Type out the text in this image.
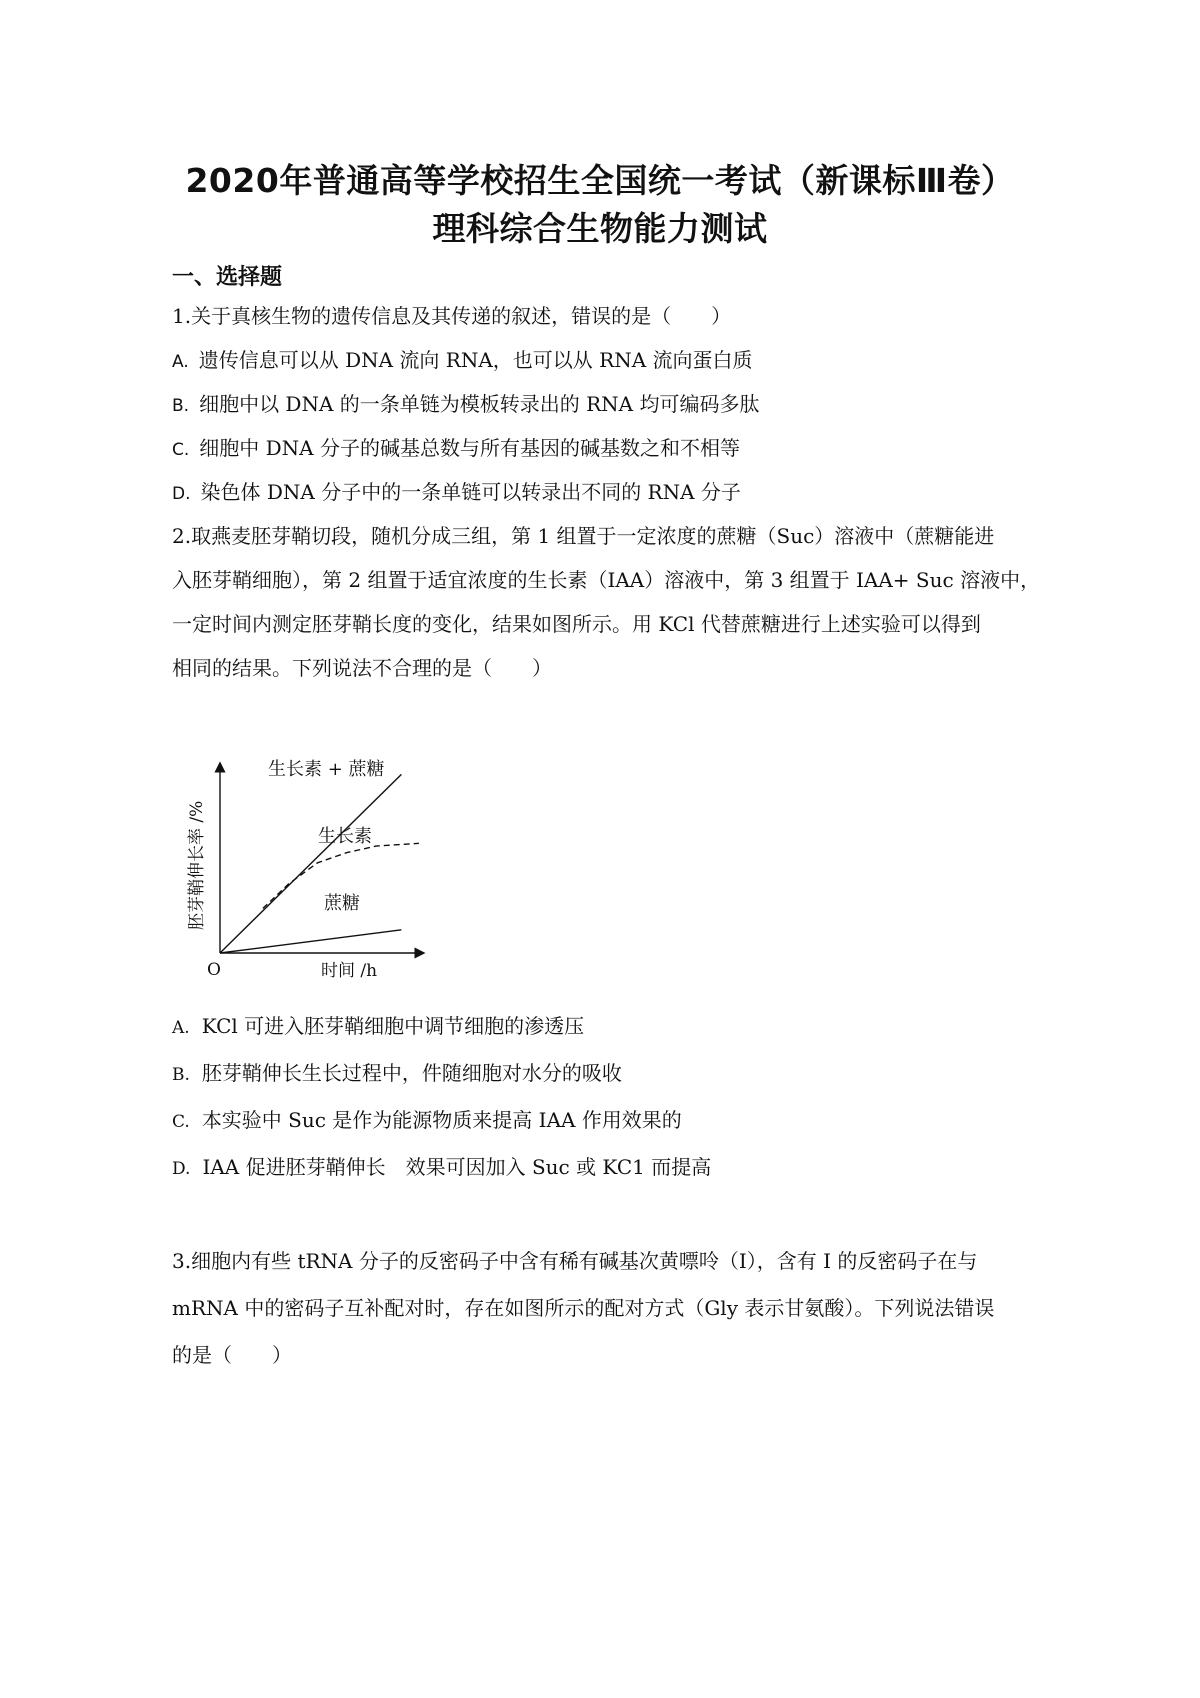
2020年普通高等学校招生全国统一考试（新课标Ⅲ卷）
理科综合生物能力测试
一、选择题
1.关于真核生物的遗传信息及其传递的叙述，错误的是（　　）
A. 遗传信息可以从 DNA 流向 RNA，也可以从 RNA 流向蛋白质
B. 细胞中以 DNA 的一条单链为模板转录出的 RNA 均可编码多肽
C. 细胞中 DNA 分子的碱基总数与所有基因的碱基数之和不相等
D. 染色体 DNA 分子中的一条单链可以转录出不同的 RNA 分子
2.取燕麦胚芽鞘切段，随机分成三组，第 1 组置于一定浓度的蔗糖（Suc）溶液中（蔗糖能进
入胚芽鞘细胞），第 2 组置于适宜浓度的生长素（IAA）溶液中，第 3 组置于 IAA+ Suc 溶液中，
一定时间内测定胚芽鞘长度的变化，结果如图所示。用 KCl 代替蔗糖进行上述实验可以得到
相同的结果。下列说法不合理的是（　　）
O	时间 /h
胚芽鞘伸长率 /%
生长素 + 蔗糖
生长素
蔗糖
A. KCl 可进入胚芽鞘细胞中调节细胞的渗透压
B. 胚芽鞘伸长生长过程中，件随细胞对水分的吸收
C. 本实验中 Suc 是作为能源物质来提高 IAA 作用效果的
D. IAA 促进胚芽鞘伸长　效果可因加入 Suc 或 KC1 而提高
3.细胞内有些 tRNA 分子的反密码子中含有稀有碱基次黄嘌呤（I），含有 I 的反密码子在与
mRNA 中的密码子互补配对时，存在如图所示的配对方式（Gly 表示甘氨酸）。下列说法错误
的是（　　）
